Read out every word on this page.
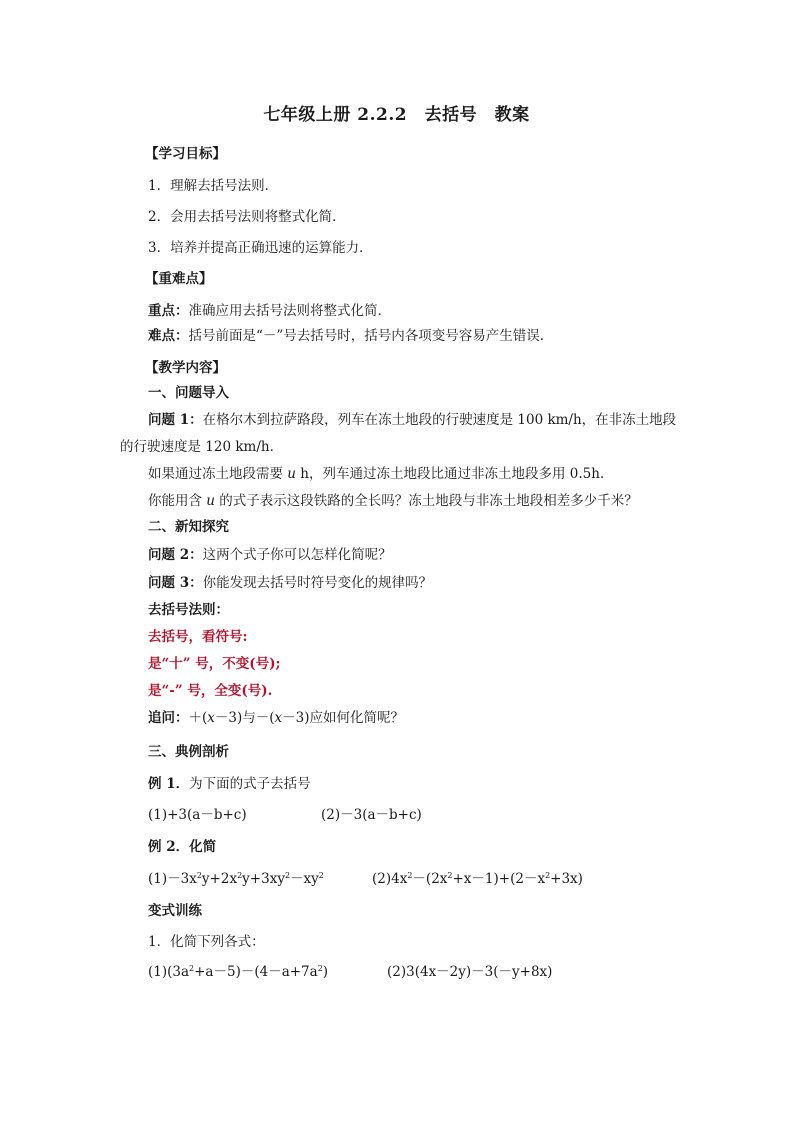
七年级上册 2.2.2　去括号　教案
【学习目标】
1．理解去括号法则．
2．会用去括号法则将整式化简．
3．培养并提高正确迅速的运算能力．
【重难点】
重点：准确应用去括号法则将整式化简．
难点：括号前面是“－”号去括号时，括号内各项变号容易产生错误．
【教学内容】
一、问题导入
问题 1：在格尔木到拉萨路段，列车在冻土地段的行驶速度是 100 km/h，在非冻土地段
的行驶速度是 120 km/h．
如果通过冻土地段需要 u h，列车通过冻土地段比通过非冻土地段多用 0.5h．
你能用含 u 的式子表示这段铁路的全长吗？冻土地段与非冻土地段相差多少千米？
二、新知探究
问题 2：这两个式子你可以怎样化简呢？
问题 3：你能发现去括号时符号变化的规律吗？
去括号法则：
去括号，看符号:
是“十” 号，不变(号);
是“-” 号，全变(号).
追问：＋(x－3)与－(x－3)应如何化简呢？
三、典例剖析
例 1．为下面的式子去括号
(1)+3(a－b+c)	(2)－3(a－b+c)
例 2．化简
$(1)-3x^2y+2x^2y+3xy^2-xy^2$	$(2)4x^2-(2x^2+x-1)+(2-x^2+3x)$
变式训练
1．化简下列各式：
$(1)(3a^2+a-5)-(4-a+7a^2)$	(2)3(4x－2y)－3(－y+8x)
